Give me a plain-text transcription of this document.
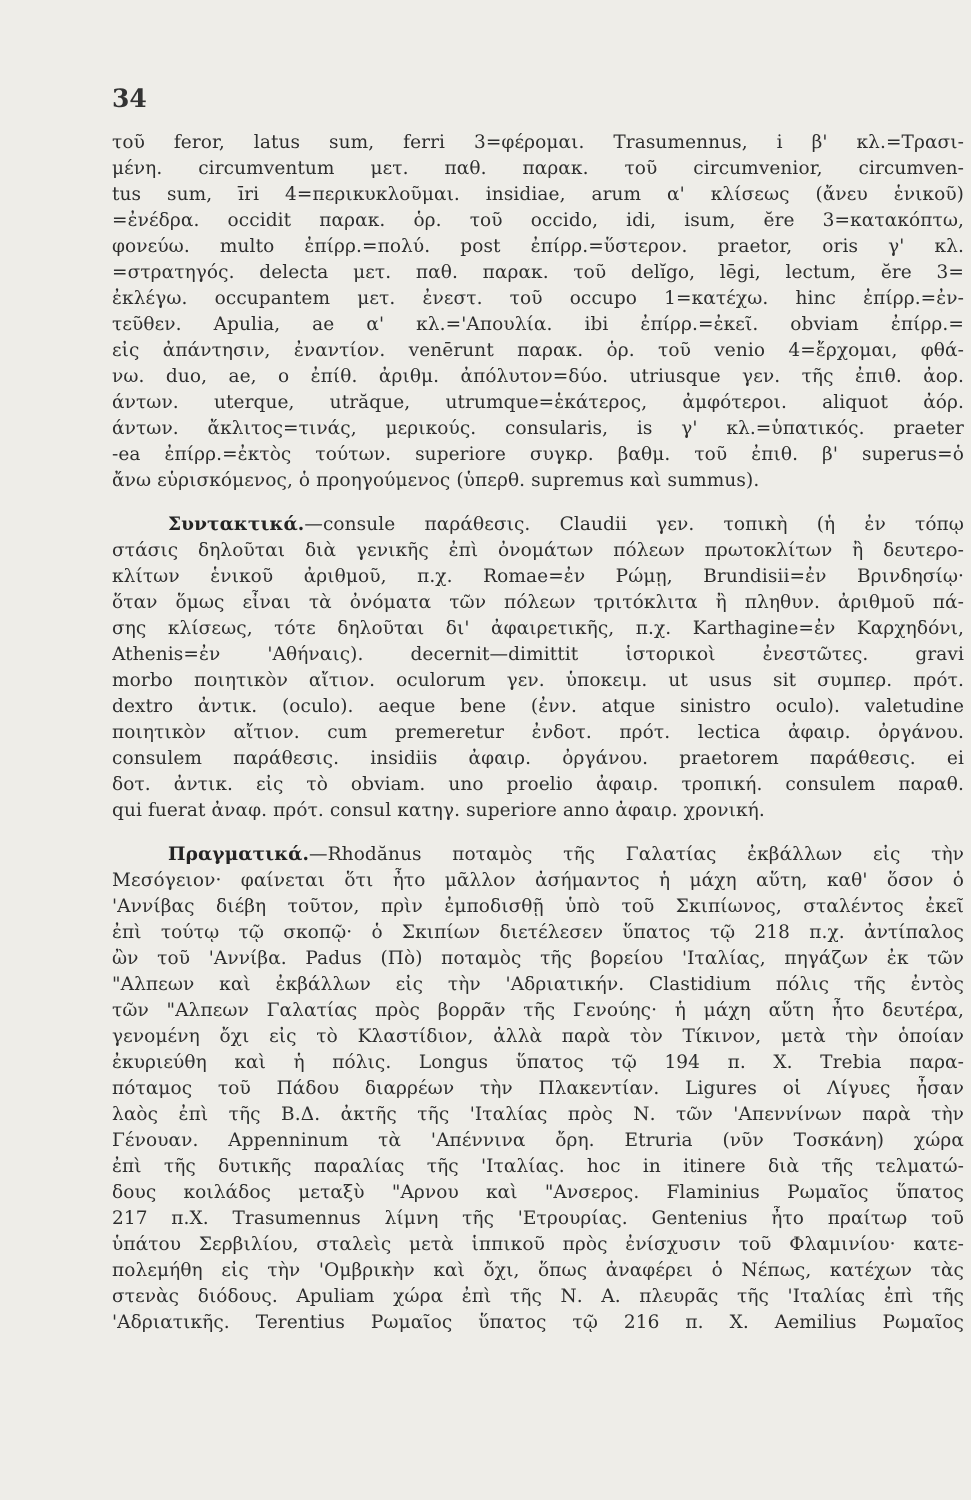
34
τοῦ feror, latus sum, ferri 3=φέρομαι. Trasumennus, i β' κλ.=Τρασι-
μένη. circumventum μετ. παθ. παρακ. τοῦ circumvenior, circumven-
tus sum, īri 4=περικυκλοῦμαι. insidiae, arum α' κλίσεως (ἄνευ ἑνικοῦ)
=ἐνέδρα. occidit παρακ. ὁρ. τοῦ occido, idi, isum, ĕre 3=κατακόπτω,
φονεύω. multo ἐπίρρ.=πολύ. post ἐπίρρ.=ὕστερον. praetor, oris γ' κλ.
=στρατηγός. delecta μετ. παθ. παρακ. τοῦ delĭgo, lēgi, lectum, ĕre 3=
ἐκλέγω. occupantem μετ. ἐνεστ. τοῦ occupo 1=κατέχω. hinc ἐπίρρ.=ἐν-
τεῦθεν. Apulia, ae α' κλ.='Απουλία. ibi ἐπίρρ.=ἐκεῖ. obviam ἐπίρρ.=
εἰς ἀπάντησιν, ἐναντίον. venērunt παρακ. ὁρ. τοῦ venio 4=ἔρχομαι, φθά-
νω. duo, ae, o ἐπίθ. ἀριθμ. ἀπόλυτον=δύο. utriusque γεν. τῆς ἐπιθ. ἀορ.
άντων. uterque, utrăque, utrumque=ἑκάτερος, ἀμφότεροι. aliquot ἀόρ.
άντων. ἄκλιτος=τινάς, μερικούς. consularis, is γ' κλ.=ὑπατικός. praeter
-ea ἐπίρρ.=ἐκτὸς τούτων. superiore συγκρ. βαθμ. τοῦ ἐπιθ. β' superus=ὁ
ἄνω εὑρισκόμενος, ὁ προηγούμενος (ὑπερθ. supremus καὶ summus).
Συντακτικά.—consule παράθεσις. Claudii γεν. τοπικὴ (ἡ ἐν τόπῳ
στάσις δηλοῦται διὰ γενικῆς ἐπὶ ὀνομάτων πόλεων πρωτοκλίτων ἢ δευτερο-
κλίτων ἑνικοῦ ἀριθμοῦ, π.χ. Romae=ἐν Ρώμῃ, Brundisii=ἐν Βρινδησίῳ·
ὅταν ὅμως εἶναι τὰ ὀνόματα τῶν πόλεων τριτόκλιτα ἢ πληθυν. ἀριθμοῦ πά-
σης κλίσεως, τότε δηλοῦται δι' ἀφαιρετικῆς, π.χ. Karthagine=ἐν Καρχηδόνι,
Athenis=ἐν 'Αθήναις). decernit—dimittit ἱστορικοὶ ἐνεστῶτες. gravi
morbo ποιητικὸν αἴτιον. oculorum γεν. ὑποκειμ. ut usus sit συμπερ. πρότ.
dextro ἀντικ. (oculo). aeque bene (ἐνν. atque sinistro oculo). valetudine
ποιητικὸν αἴτιον. cum premeretur ἐνδοτ. πρότ. lectica ἀφαιρ. ὀργάνου.
consulem παράθεσις. insidiis ἀφαιρ. ὀργάνου. praetorem παράθεσις. ei
δοτ. ἀντικ. εἰς τὸ obviam. uno proelio ἀφαιρ. τροπική. consulem παραθ.
qui fuerat ἀναφ. πρότ. consul κατηγ. superiore anno ἀφαιρ. χρονική.
Πραγματικά.—Rhodănus ποταμὸς τῆς Γαλατίας ἐκβάλλων εἰς τὴν
Μεσόγειον· φαίνεται ὅτι ἦτο μᾶλλον ἀσήμαντος ἡ μάχη αὕτη, καθ' ὅσον ὁ
'Αννίβας διέβη τοῦτον, πρὶν ἐμποδισθῇ ὑπὸ τοῦ Σκιπίωνος, σταλέντος ἐκεῖ
ἐπὶ τούτῳ τῷ σκοπῷ· ὁ Σκιπίων διετέλεσεν ὕπατος τῷ 218 π.χ. ἀντίπαλος
ὢν τοῦ 'Αννίβα. Padus (Πὸ) ποταμὸς τῆς βορείου 'Ιταλίας, πηγάζων ἐκ τῶν
"Αλπεων καὶ ἐκβάλλων εἰς τὴν 'Αδριατικήν. Clastidium πόλις τῆς ἐντὸς
τῶν "Αλπεων Γαλατίας πρὸς βορρᾶν τῆς Γενούης· ἡ μάχη αὕτη ἦτο δευτέρα,
γενομένη ὄχι εἰς τὸ Κλαστίδιον, ἀλλὰ παρὰ τὸν Τίκινον, μετὰ τὴν ὁποίαν
ἐκυριεύθη καὶ ἡ πόλις. Longus ὕπατος τῷ 194 π. Χ. Trebia παρα-
πόταμος τοῦ Πάδου διαρρέων τὴν Πλακεντίαν. Ligures οἱ Λίγυες ἦσαν
λαὸς ἐπὶ τῆς Β.Δ. ἀκτῆς τῆς 'Ιταλίας πρὸς Ν. τῶν 'Απεννίνων παρὰ τὴν
Γένουαν. Appenninum τὰ 'Απέννινα ὄρη. Etruria (νῦν Τοσκάνη) χώρα
ἐπὶ τῆς δυτικῆς παραλίας τῆς 'Ιταλίας. hoc in itinere διὰ τῆς τελματώ-
δους κοιλάδος μεταξὺ "Αρνου καὶ "Ανσερος. Flaminius Ρωμαῖος ὕπατος
217 π.Χ. Trasumennus λίμνη τῆς 'Ετρουρίας. Gentenius ἦτο πραίτωρ τοῦ
ὑπάτου Σερβιλίου, σταλεὶς μετὰ ἱππικοῦ πρὸς ἐνίσχυσιν τοῦ Φλαμινίου· κατε-
πολεμήθη εἰς τὴν 'Ομβρικὴν καὶ ὄχι, ὅπως ἀναφέρει ὁ Νέπως, κατέχων τὰς
στενὰς διόδους. Apuliam χώρα ἐπὶ τῆς Ν. Α. πλευρᾶς τῆς 'Ιταλίας ἐπὶ τῆς
'Αδριατικῆς. Terentius Ρωμαῖος ὕπατος τῷ 216 π. Χ. Aemilius Ρωμαῖος
